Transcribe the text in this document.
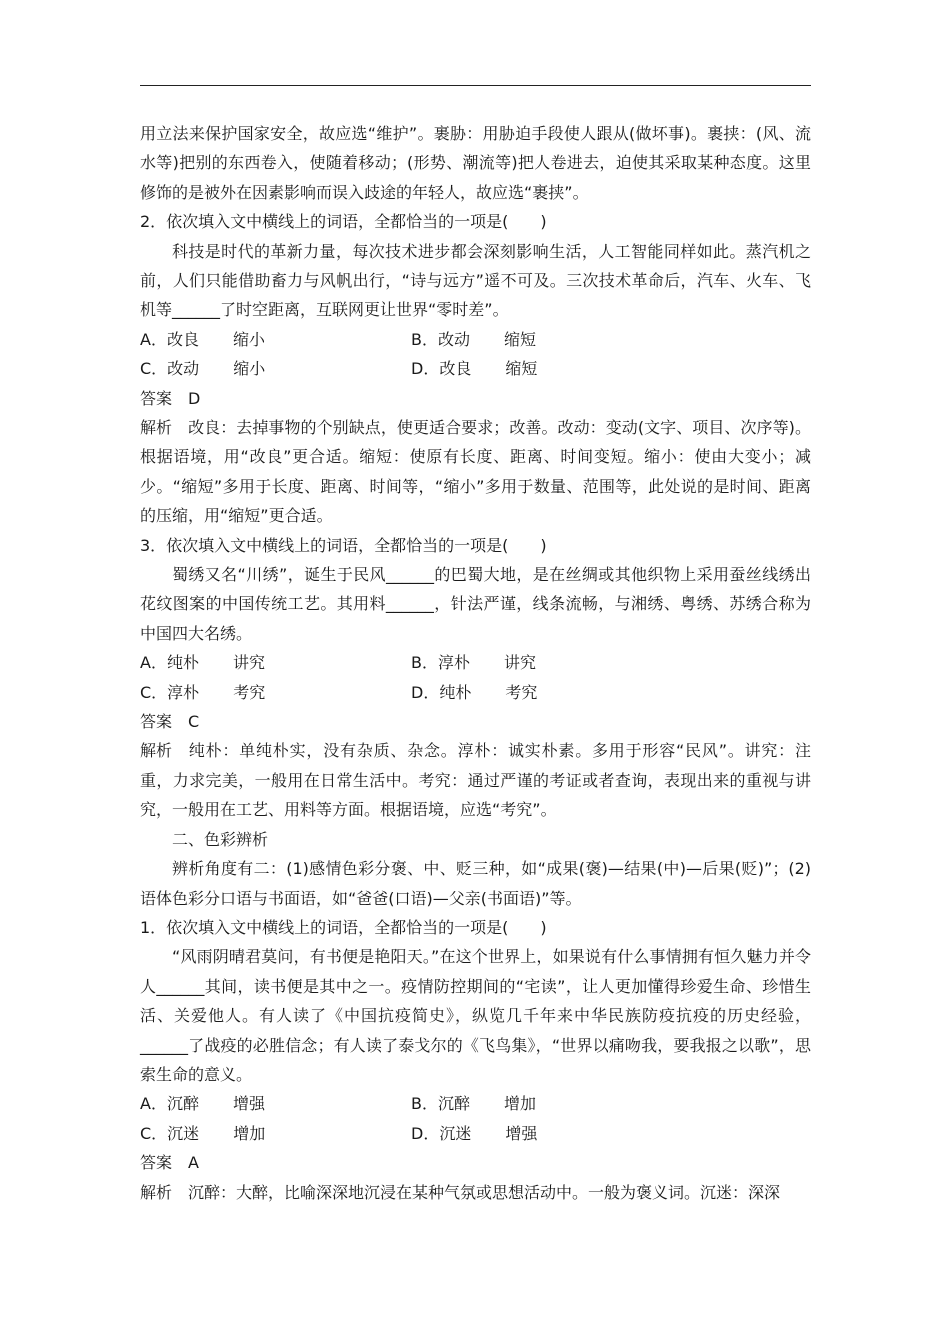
用立法来保护国家安全，故应选“维护”。裹胁：用胁迫手段使人跟从(做坏事)。裹挟：(风、流水等)把别的东西卷入，使随着移动；(形势、潮流等)把人卷进去，迫使其采取某种态度。这里修饰的是被外在因素影响而误入歧途的年轻人，故应选“裹挟”。

2．依次填入文中横线上的词语，全都恰当的一项是(　　)

科技是时代的革新力量，每次技术进步都会深刻影响生活，人工智能同样如此。蒸汽机之前，人们只能借助畜力与风帆出行，“诗与远方”遥不可及。三次技术革命后，汽车、火车、飞机等______了时空距离，互联网更让世界“零时差”。

A．改良 缩小	B．改动 缩短
C．改动 缩小	D．改良 缩短

答案 D

解析 改良：去掉事物的个别缺点，使更适合要求；改善。改动：变动(文字、项目、次序等)。根据语境，用“改良”更合适。缩短：使原有长度、距离、时间变短。缩小：使由大变小；减少。“缩短”多用于长度、距离、时间等，“缩小”多用于数量、范围等，此处说的是时间、距离的压缩，用“缩短”更合适。

3．依次填入文中横线上的词语，全都恰当的一项是(　　)

蜀绣又名“川绣”，诞生于民风______的巴蜀大地，是在丝绸或其他织物上采用蚕丝线绣出花纹图案的中国传统工艺。其用料______，针法严谨，线条流畅，与湘绣、粤绣、苏绣合称为中国四大名绣。

A．纯朴 讲究	B．淳朴 讲究
C．淳朴 考究	D．纯朴 考究

答案 C

解析 纯朴：单纯朴实，没有杂质、杂念。淳朴：诚实朴素。多用于形容“民风”。讲究：注重，力求完美，一般用在日常生活中。考究：通过严谨的考证或者查询，表现出来的重视与讲究，一般用在工艺、用料等方面。根据语境，应选“考究”。

二、色彩辨析

辨析角度有二：(1)感情色彩分褒、中、贬三种，如“成果(褒)—结果(中)—后果(贬)”；(2)语体色彩分口语与书面语，如“爸爸(口语)—父亲(书面语)”等。

1．依次填入文中横线上的词语，全都恰当的一项是(　　)

“风雨阴晴君莫问，有书便是艳阳天。”在这个世界上，如果说有什么事情拥有恒久魅力并令人______其间，读书便是其中之一。疫情防控期间的“宅读”，让人更加懂得珍爱生命、珍惜生活、关爱他人。有人读了《中国抗疫简史》，纵览几千年来中华民族防疫抗疫的历史经验，______了战疫的必胜信念；有人读了泰戈尔的《飞鸟集》，“世界以痛吻我，要我报之以歌”，思索生命的意义。

A．沉醉 增强	B．沉醉 增加
C．沉迷 增加	D．沉迷 增强

答案 A

解析 沉醉：大醉，比喻深深地沉浸在某种气氛或思想活动中。一般为褒义词。沉迷：深深
